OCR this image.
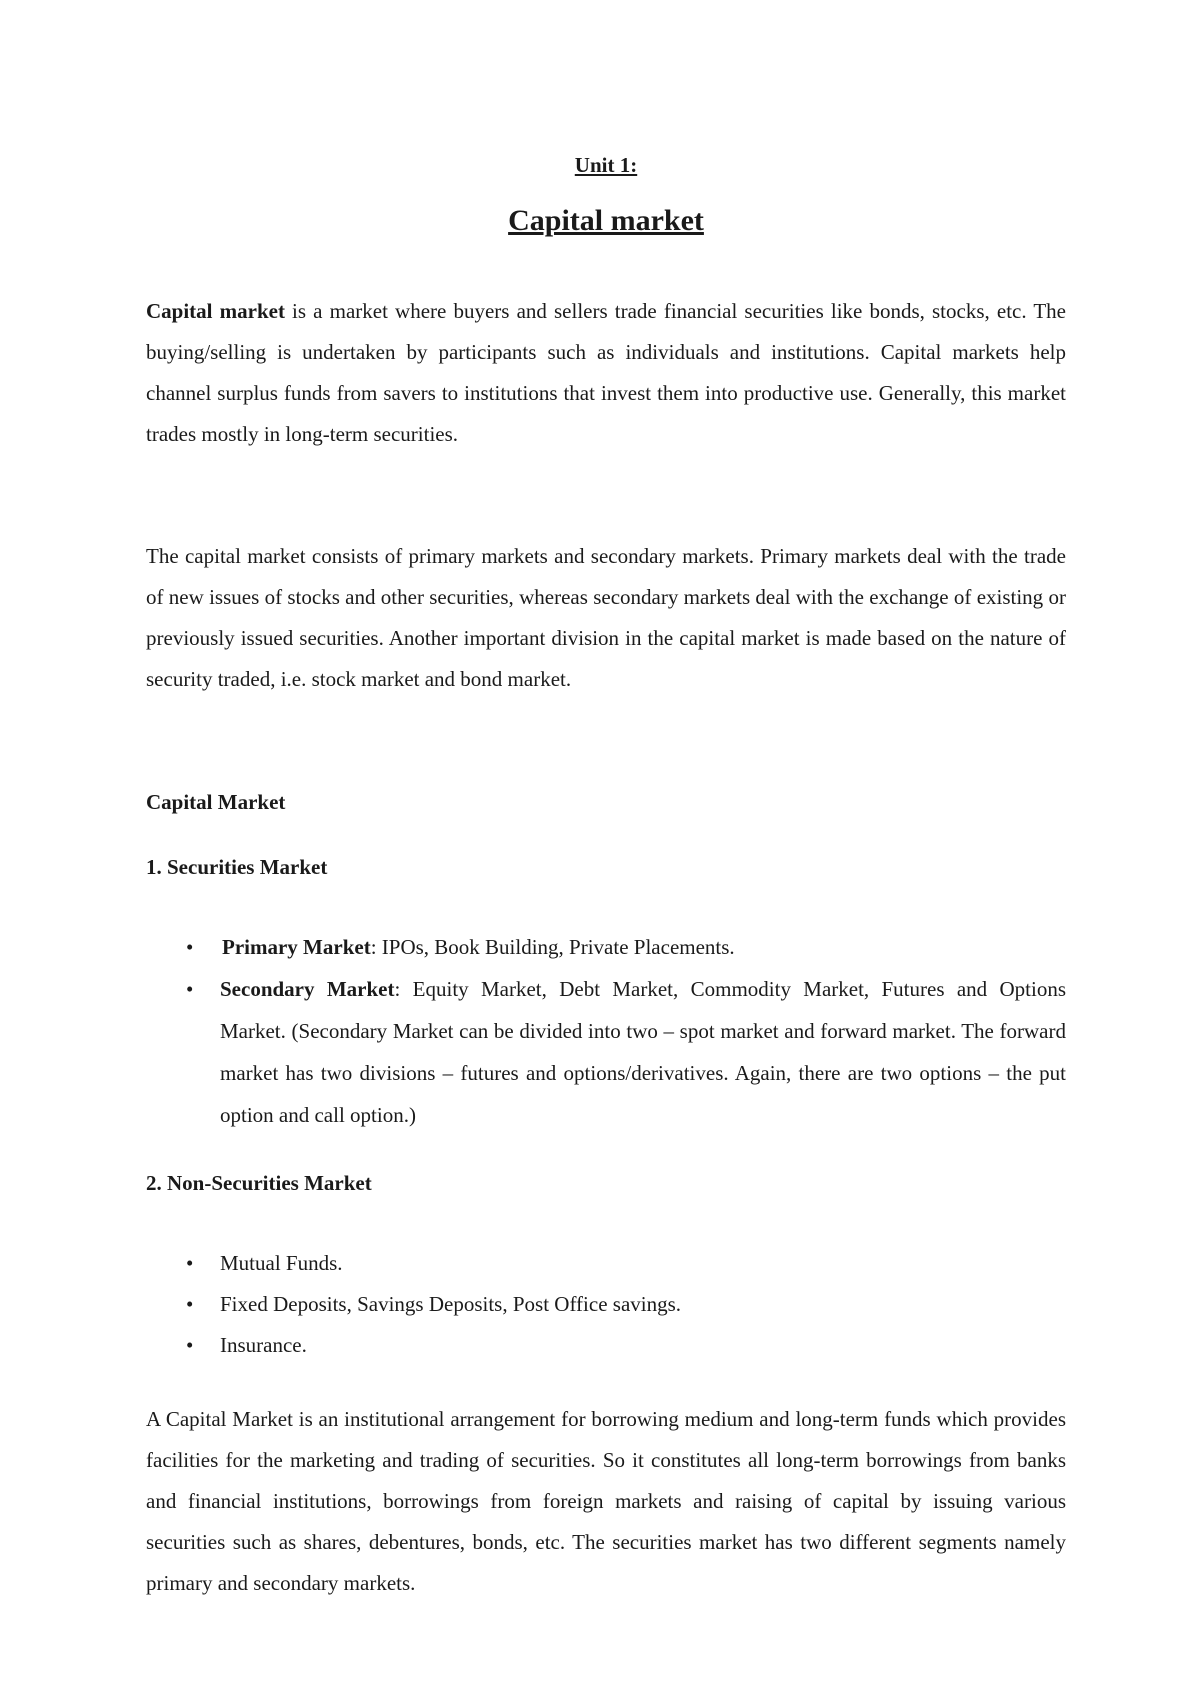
Unit 1:
Capital market

Capital market is a market where buyers and sellers trade financial securities like bonds, stocks, etc. The buying/selling is undertaken by participants such as individuals and institutions. Capital markets help channel surplus funds from savers to institutions that invest them into productive use. Generally, this market trades mostly in long-term securities.

The capital market consists of primary markets and secondary markets. Primary markets deal with the trade of new issues of stocks and other securities, whereas secondary markets deal with the exchange of existing or previously issued securities. Another important division in the capital market is made based on the nature of security traded, i.e. stock market and bond market.

Capital Market
1. Securities Market
• Primary Market: IPOs, Book Building, Private Placements.
• Secondary Market: Equity Market, Debt Market, Commodity Market, Futures and Options Market. (Secondary Market can be divided into two – spot market and forward market. The forward market has two divisions – futures and options/derivatives. Again, there are two options – the put option and call option.)
2. Non-Securities Market
• Mutual Funds.
• Fixed Deposits, Savings Deposits, Post Office savings.
• Insurance.

A Capital Market is an institutional arrangement for borrowing medium and long-term funds which provides facilities for the marketing and trading of securities. So it constitutes all long-term borrowings from banks and financial institutions, borrowings from foreign markets and raising of capital by issuing various securities such as shares, debentures, bonds, etc. The securities market has two different segments namely primary and secondary markets.
